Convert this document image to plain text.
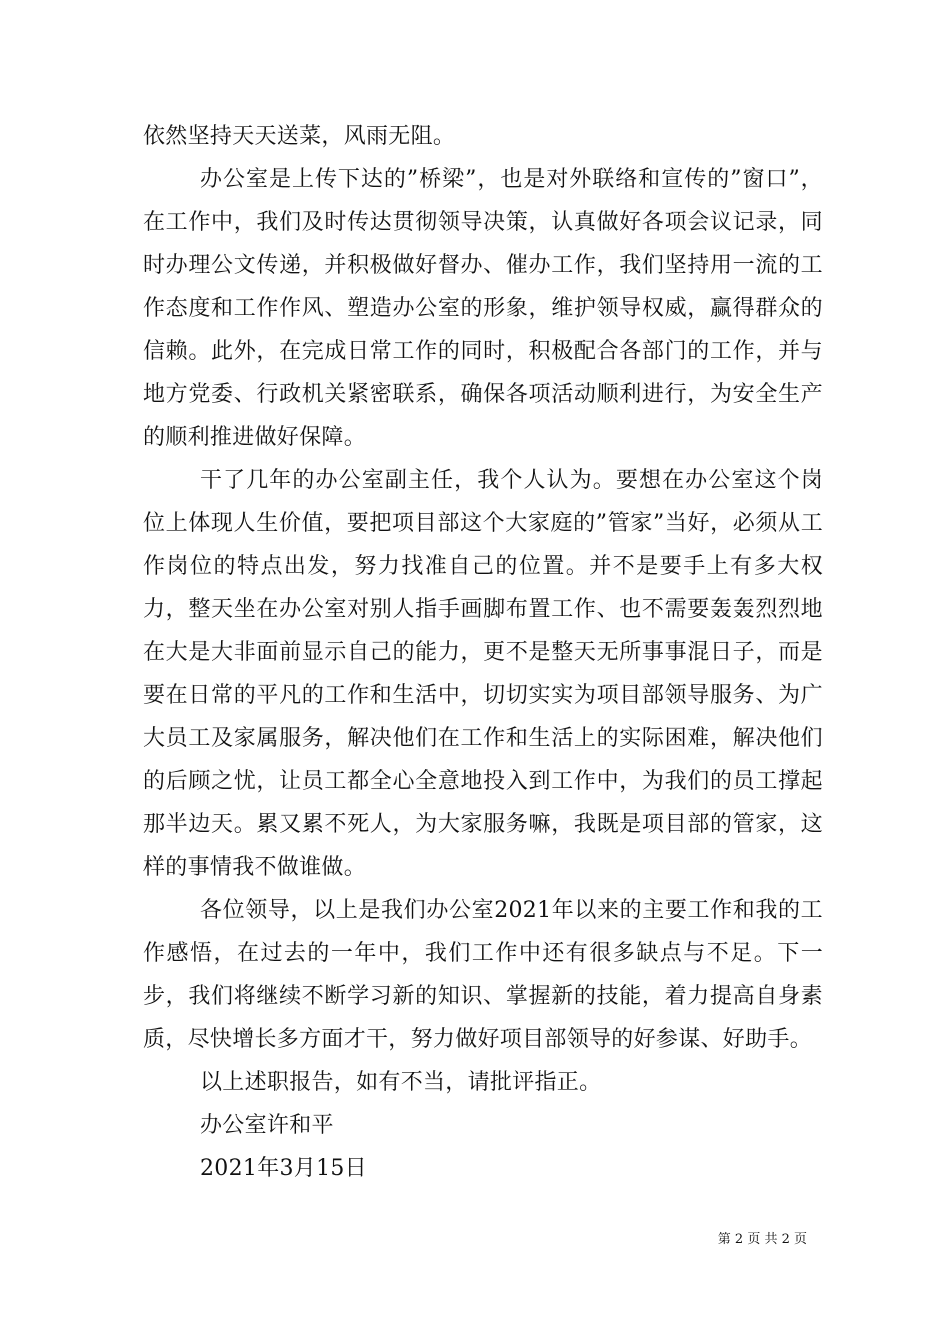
依然坚持天天送菜，风雨无阻。

办公室是上传下达的”桥梁”，也是对外联络和宣传的”窗口”，在工作中，我们及时传达贯彻领导决策，认真做好各项会议记录，同时办理公文传递，并积极做好督办、催办工作，我们坚持用一流的工作态度和工作作风、塑造办公室的形象，维护领导权威，赢得群众的信赖。此外，在完成日常工作的同时，积极配合各部门的工作，并与地方党委、行政机关紧密联系，确保各项活动顺利进行，为安全生产的顺利推进做好保障。

干了几年的办公室副主任，我个人认为。要想在办公室这个岗位上体现人生价值，要把项目部这个大家庭的”管家”当好，必须从工作岗位的特点出发，努力找准自己的位置。并不是要手上有多大权力，整天坐在办公室对别人指手画脚布置工作、也不需要轰轰烈烈地在大是大非面前显示自己的能力，更不是整天无所事事混日子，而是要在日常的平凡的工作和生活中，切切实实为项目部领导服务、为广大员工及家属服务，解决他们在工作和生活上的实际困难，解决他们的后顾之忧，让员工都全心全意地投入到工作中，为我们的员工撑起那半边天。累又累不死人，为大家服务嘛，我既是项目部的管家，这样的事情我不做谁做。

各位领导，以上是我们办公室2021年以来的主要工作和我的工作感悟，在过去的一年中，我们工作中还有很多缺点与不足。下一步，我们将继续不断学习新的知识、掌握新的技能，着力提高自身素质，尽快增长多方面才干，努力做好项目部领导的好参谋、好助手。

以上述职报告，如有不当，请批评指正。

办公室许和平

2021年3月15日

第 2 页 共 2 页
